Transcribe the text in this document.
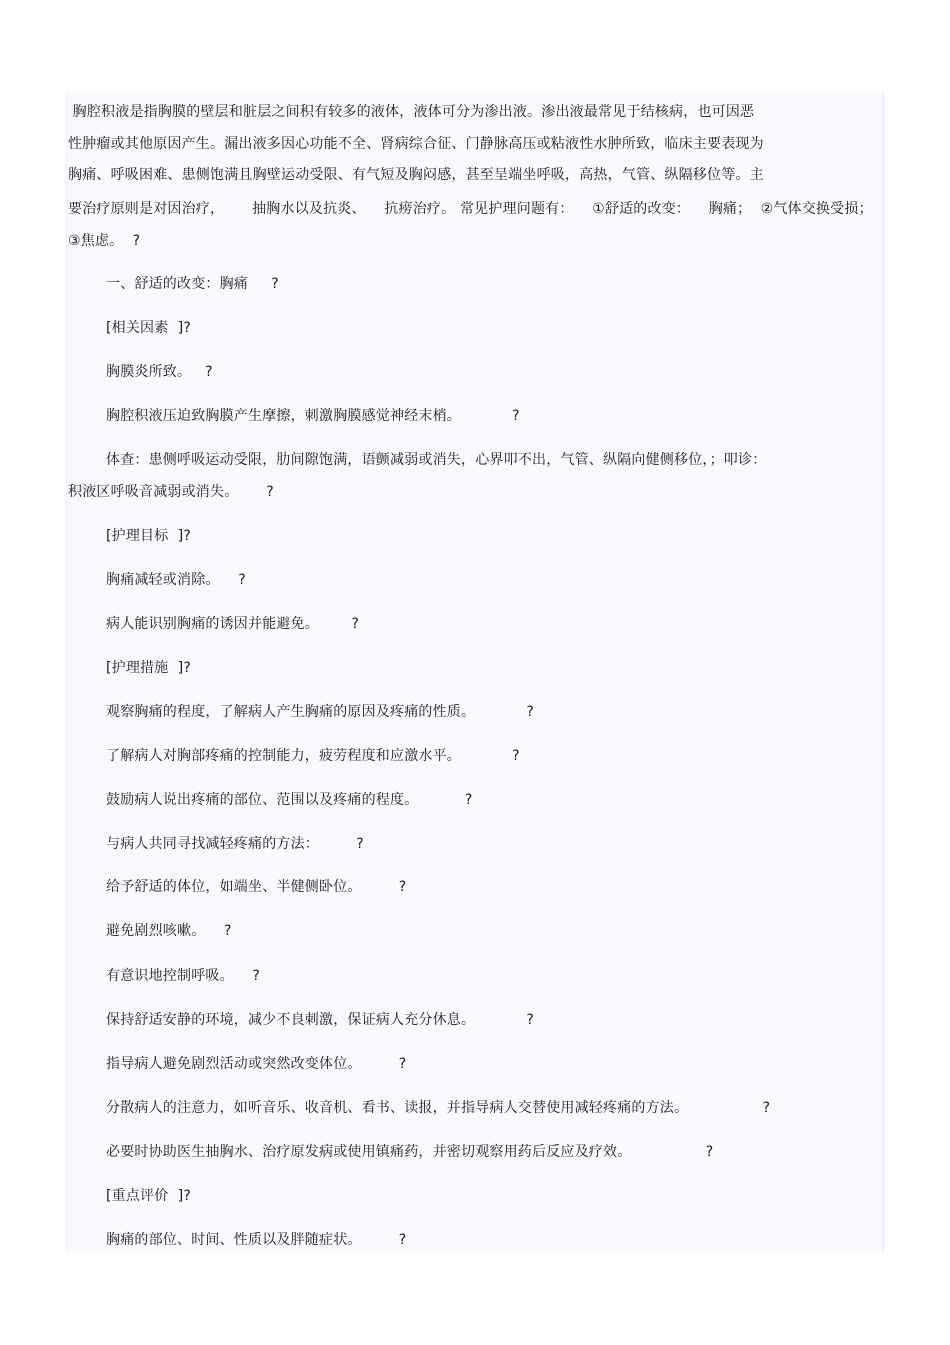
胸腔积液是指胸膜的壁层和脏层之间积有较多的液体，液体可分为渗出液。渗出液最常见于结核病，也可因恶
性肿瘤或其他原因产生。漏出液多因心功能不全、肾病综合征、门静脉高压或粘液性水肿所致，临床主要表现为
胸痛、呼吸困难、患侧饱满且胸壁运动受限、有气短及胸闷感，甚至呈端坐呼吸，高热，气管、纵隔移位等。主
要治疗原则是对因治疗，      抽胸水以及抗炎、    抗痨治疗。 常见护理问题有：    ①舒适的改变：    胸痛；  ②气体交换受损；
③焦虑。  ?
一、舒适的改变：胸痛     ?
[相关因素  ]?
胸膜炎所致。   ?
胸腔积液压迫致胸膜产生摩擦，刺激胸膜感觉神经末梢。           ?
体查：患侧呼吸运动受限，肋间隙饱满，语颤减弱或消失，心界叩不出，气管、纵隔向健侧移位，；叩诊：
积液区呼吸音减弱或消失。      ?
[护理目标  ]?
胸痛减轻或消除。    ?
病人能识别胸痛的诱因并能避免。       ?
[护理措施  ]?
观察胸痛的程度，了解病人产生胸痛的原因及疼痛的性质。           ?
了解病人对胸部疼痛的控制能力，疲劳程度和应激水平。           ?
鼓励病人说出疼痛的部位、范围以及疼痛的程度。          ?
与病人共同寻找减轻疼痛的方法：        ?
给予舒适的体位，如端坐、半健侧卧位。        ?
避免剧烈咳嗽。    ?
有意识地控制呼吸。    ?
保持舒适安静的环境，减少不良刺激，保证病人充分休息。           ?
指导病人避免剧烈活动或突然改变体位。        ?
分散病人的注意力，如听音乐、收音机、看书、读报，并指导病人交替使用减轻疼痛的方法。                ?
必要时协助医生抽胸水、治疗原发病或使用镇痛药，并密切观察用药后反应及疗效。                ?
[重点评价  ]?
胸痛的部位、时间、性质以及胖随症状。        ?
